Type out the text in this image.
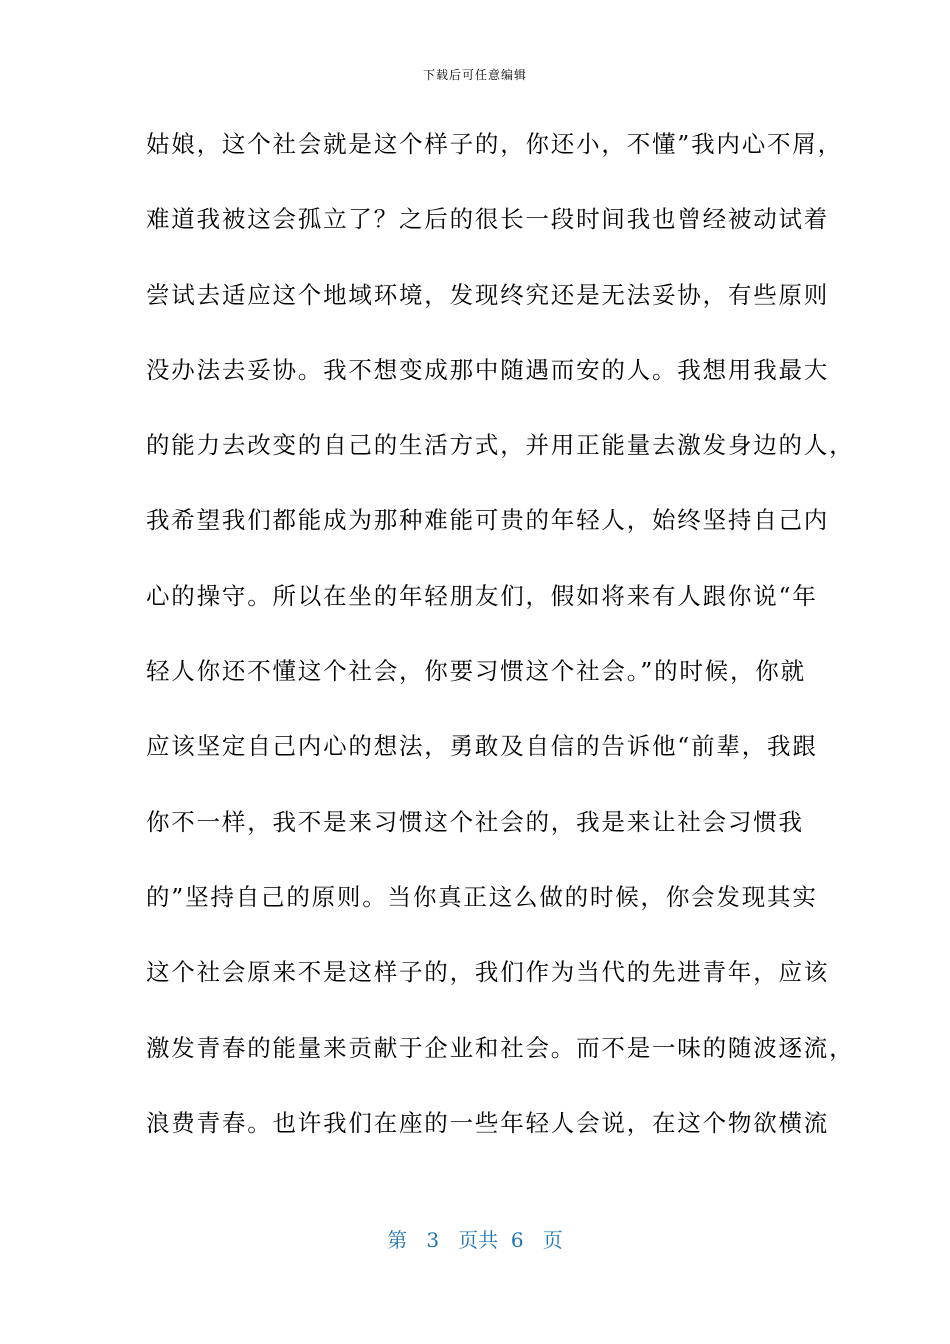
下载后可任意编辑
姑娘，这个社会就是这个样子的，你还小，不懂”我内心不屑，
难道我被这会孤立了？之后的很长一段时间我也曾经被动试着
尝试去适应这个地域环境，发现终究还是无法妥协，有些原则
没办法去妥协。我不想变成那中随遇而安的人。我想用我最大
的能力去改变的自己的生活方式，并用正能量去激发身边的人，
我希望我们都能成为那种难能可贵的年轻人，始终坚持自己内
心的操守。所以在坐的年轻朋友们，假如将来有人跟你说“年
轻人你还不懂这个社会，你要习惯这个社会。”的时候，你就
应该坚定自己内心的想法，勇敢及自信的告诉他“前辈，我跟
你不一样，我不是来习惯这个社会的，我是来让社会习惯我
的”坚持自己的原则。当你真正这么做的时候，你会发现其实
这个社会原来不是这样子的，我们作为当代的先进青年，应该
激发青春的能量来贡献于企业和社会。而不是一味的随波逐流，
浪费青春。也许我们在座的一些年轻人会说，在这个物欲横流
第 3 页共 6 页
